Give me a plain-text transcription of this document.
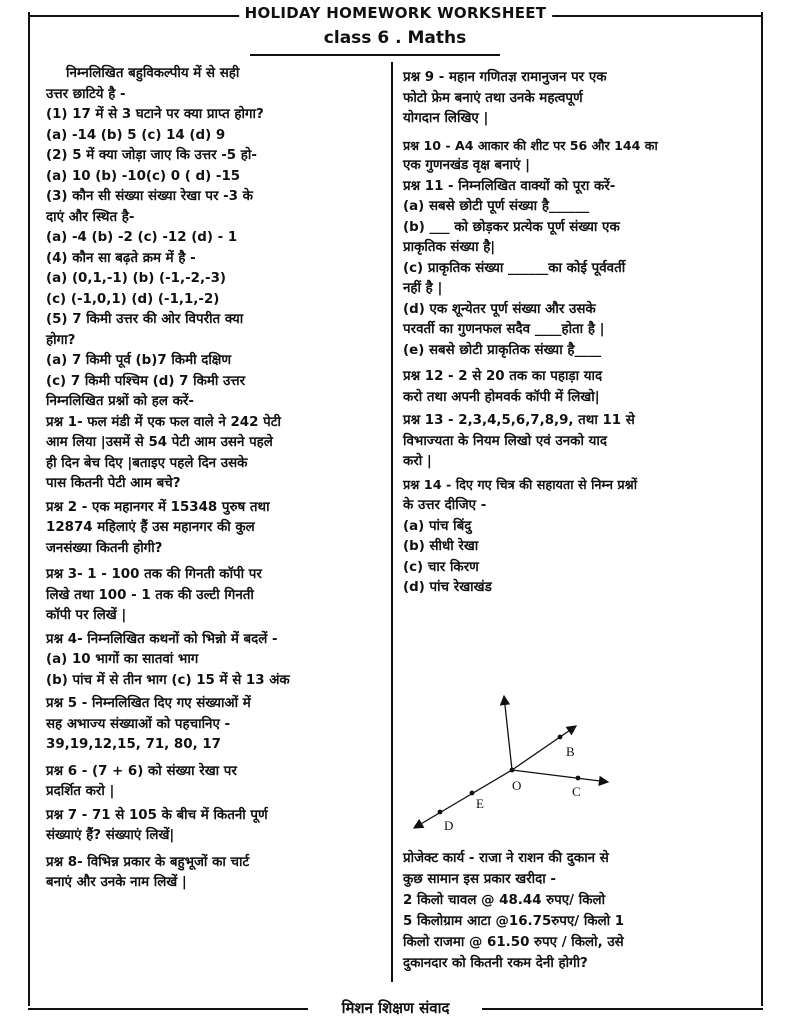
HOLIDAY HOMEWORK WORKSHEET
class 6 . Maths

निम्नलिखित बहुविकल्पीय में से सही

उत्तर छाटिये है -

(1) 17 में से 3 घटाने पर क्या प्राप्त होगा?

(a) -14 (b) 5 (c) 14 (d) 9

(2) 5 में क्या जोड़ा जाए कि उत्तर -5 हो-

(a) 10 (b) -10(c) 0 ( d) -15

(3) कौन सी संख्या संख्या रेखा पर -3 के

दाएं और स्थित है-

(a) -4 (b) -2 (c) -12 (d) - 1

(4) कौन सा बढ़ते क्रम में है -

(a) (0,1,-1) (b) (-1,-2,-3)

(c) (-1,0,1) (d) (-1,1,-2)

(5) 7 किमी उत्तर की ओर विपरीत क्या

होगा?

(a) 7 किमी पूर्व (b)7 किमी दक्षिण

(c) 7 किमी पश्चिम (d) 7 किमी उत्तर

निम्नलिखित प्रश्नों को हल करें-

प्रश्न 1- फल मंडी में एक फल वाले ने 242 पेटी

आम लिया |उसमें से 54 पेटी आम उसने पहले

ही दिन बेच दिए |बताइए पहले दिन उसके

पास कितनी पेटी आम बचे?

प्रश्न 2 - एक महानगर में 15348 पुरुष तथा

12874 महिलाएं हैं उस महानगर की कुल

जनसंख्या कितनी होगी?

प्रश्न 3- 1 - 100 तक की गिनती कॉपी पर

लिखे तथा 100 - 1 तक की उल्टी गिनती

कॉपी पर लिखें |

प्रश्न 4- निम्नलिखित कथनों को भिन्नो में बदलें -

(a) 10 भागों का सातवां भाग

(b) पांच में से तीन भाग (c) 15 में से 13 अंक

प्रश्न 5 - निम्नलिखित दिए गए संख्याओं में

सह अभाज्य संख्याओं को पहचानिए -

39,19,12,15, 71, 80, 17

प्रश्न 6 - (7 + 6) को संख्या रेखा पर

प्रदर्शित करो |

प्रश्न 7 - 71 से 105 के बीच में कितनी पूर्ण

संख्याएं हैं? संख्याएं लिखें|

प्रश्न 8- विभिन्न प्रकार के बहुभूजों का चार्ट

बनाएं और उनके नाम लिखें |

प्रश्न 9 - महान गणितज्ञ रामानुजन पर एक

फोटो फ्रेम बनाएं तथा उनके महत्वपूर्ण

योगदान लिखिए |

प्रश्न 10 - A4 आकार की शीट पर 56 और 144 का

एक गुणनखंड वृक्ष बनाएं |

प्रश्न 11 - निम्नलिखित वाक्यों को पूरा करें-

(a) सबसे छोटी पूर्ण संख्या है______

(b) ___ को छोड़कर प्रत्येक पूर्ण संख्या एक

प्राकृतिक संख्या है|

(c) प्राकृतिक संख्या ______का कोई पूर्ववर्ती

नहीं है |

(d) एक शून्येतर पूर्ण संख्या और उसके

परवर्ती का गुणनफल सदैव ____होता है |

(e) सबसे छोटी प्राकृतिक संख्या है____

प्रश्न 12 - 2 से 20 तक का पहाड़ा याद

करो तथा अपनी होमवर्क कॉपी में लिखो|

प्रश्न 13 - 2,3,4,5,6,7,8,9, तथा 11 से

विभाज्यता के नियम लिखो एवं उनको याद

करो |

प्रश्न 14 - दिए गए चित्र की सहायता से निम्न प्रश्नों

के उत्तर दीजिए -

(a) पांच बिंदु

(b) सीधी रेखा

(c) चार किरण

(d) पांच रेखाखंड

B
O	C
E
D

प्रोजेक्ट कार्य - राजा ने राशन की दुकान से

कुछ सामान इस प्रकार खरीदा -

2 किलो चावल @ 48.44 रुपए/ किलो

5 किलोग्राम आटा @16.75रुपए/ किलो 1

किलो राजमा @ 61.50 रुपए / किलो, उसे

दुकानदार को कितनी रकम देनी होगी?

मिशन शिक्षण संवाद
